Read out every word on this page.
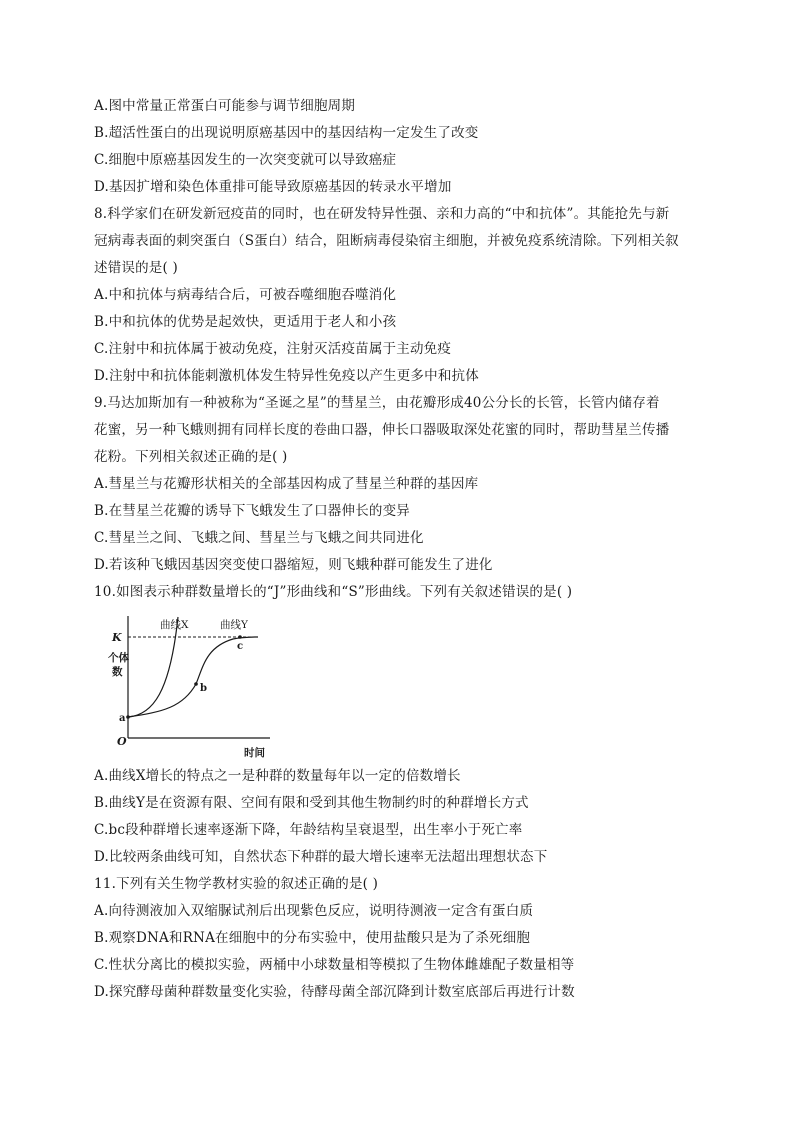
A.图中常量正常蛋白可能参与调节细胞周期
B.超活性蛋白的出现说明原癌基因中的基因结构一定发生了改变
C.细胞中原癌基因发生的一次突变就可以导致癌症
D.基因扩增和染色体重排可能导致原癌基因的转录水平增加
8.科学家们在研发新冠疫苗的同时，也在研发特异性强、亲和力高的“中和抗体”。其能抢先与新
冠病毒表面的刺突蛋白（S蛋白）结合，阻断病毒侵染宿主细胞，并被免疫系统清除。下列相关叙
述错误的是( )
A.中和抗体与病毒结合后，可被吞噬细胞吞噬消化
B.中和抗体的优势是起效快，更适用于老人和小孩
C.注射中和抗体属于被动免疫，注射灭活疫苗属于主动免疫
D.注射中和抗体能刺激机体发生特异性免疫以产生更多中和抗体
9.马达加斯加有一种被称为“圣诞之星”的彗星兰，由花瓣形成40公分长的长管，长管内储存着
花蜜，另一种飞蛾则拥有同样长度的卷曲口器，伸长口器吸取深处花蜜的同时，帮助彗星兰传播
花粉。下列相关叙述正确的是( )
A.彗星兰与花瓣形状相关的全部基因构成了彗星兰种群的基因库
B.在彗星兰花瓣的诱导下飞蛾发生了口器伸长的变异
C.彗星兰之间、飞蛾之间、彗星兰与飞蛾之间共同进化
D.若该种飞蛾因基因突变使口器缩短，则飞蛾种群可能发生了进化
10.如图表示种群数量增长的“J”形曲线和“S”形曲线。下列有关叙述错误的是( )
曲线X	曲线Y
K
个体
数
O
时间
a
b
c
A.曲线X增长的特点之一是种群的数量每年以一定的倍数增长
B.曲线Y是在资源有限、空间有限和受到其他生物制约时的种群增长方式
C.bc段种群增长速率逐渐下降，年龄结构呈衰退型，出生率小于死亡率
D.比较两条曲线可知，自然状态下种群的最大增长速率无法超出理想状态下
11.下列有关生物学教材实验的叙述正确的是( )
A.向待测液加入双缩脲试剂后出现紫色反应，说明待测液一定含有蛋白质
B.观察DNA和RNA在细胞中的分布实验中，使用盐酸只是为了杀死细胞
C.性状分离比的模拟实验，两桶中小球数量相等模拟了生物体雌雄配子数量相等
D.探究酵母菌种群数量变化实验，待酵母菌全部沉降到计数室底部后再进行计数
